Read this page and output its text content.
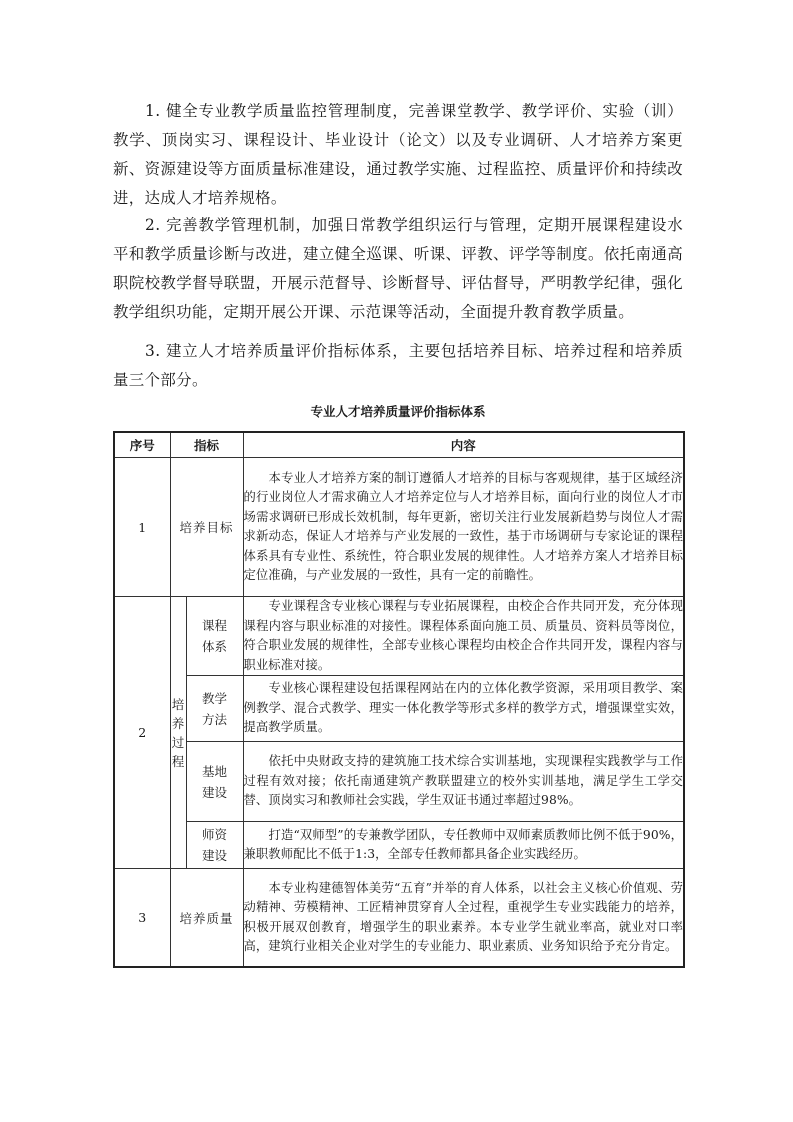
1. 健全专业教学质量监控管理制度，完善课堂教学、教学评价、实验（训）教学、顶岗实习、课程设计、毕业设计（论文）以及专业调研、人才培养方案更新、资源建设等方面质量标准建设，通过教学实施、过程监控、质量评价和持续改进，达成人才培养规格。

2. 完善教学管理机制，加强日常教学组织运行与管理，定期开展课程建设水平和教学质量诊断与改进，建立健全巡课、听课、评教、评学等制度。依托南通高职院校教学督导联盟，开展示范督导、诊断督导、评估督导，严明教学纪律，强化教学组织功能，定期开展公开课、示范课等活动，全面提升教育教学质量。

3. 建立人才培养质量评价指标体系，主要包括培养目标、培养过程和培养质量三个部分。

专业人才培养质量评价指标体系

序号	指标		内容
1	培养目标		本专业人才培养方案的制订遵循人才培养的目标与客观规律，基于区域经济的行业岗位人才需求确立人才培养定位与人才培养目标，面向行业的岗位人才市场需求调研已形成长效机制，每年更新，密切关注行业发展新趋势与岗位人才需求新动态，保证人才培养与产业发展的一致性，基于市场调研与专家论证的课程体系具有专业性、系统性，符合职业发展的规律性。人才培养方案人才培养目标定位准确，与产业发展的一致性，具有一定的前瞻性。
2	培养过程	课程体系	专业课程含专业核心课程与专业拓展课程，由校企合作共同开发，充分体现课程内容与职业标准的对接性。课程体系面向施工员、质量员、资料员等岗位，符合职业发展的规律性，全部专业核心课程均由校企合作共同开发，课程内容与职业标准对接。
		教学方法	专业核心课程建设包括课程网站在内的立体化教学资源，采用项目教学、案例教学、混合式教学、理实一体化教学等形式多样的教学方式，增强课堂实效，提高教学质量。
		基地建设	依托中央财政支持的建筑施工技术综合实训基地，实现课程实践教学与工作过程有效对接；依托南通建筑产教联盟建立的校外实训基地，满足学生工学交替、顶岗实习和教师社会实践，学生双证书通过率超过98%。
		师资建设	打造“双师型”的专兼教学团队，专任教师中双师素质教师比例不低于90%，兼职教师配比不低于1:3，全部专任教师都具备企业实践经历。
3	培养质量		本专业构建德智体美劳“五育”并举的育人体系，以社会主义核心价值观、劳动精神、劳模精神、工匠精神贯穿育人全过程，重视学生专业实践能力的培养，积极开展双创教育，增强学生的职业素养。本专业学生就业率高，就业对口率高，建筑行业相关企业对学生的专业能力、职业素质、业务知识给予充分肯定。
